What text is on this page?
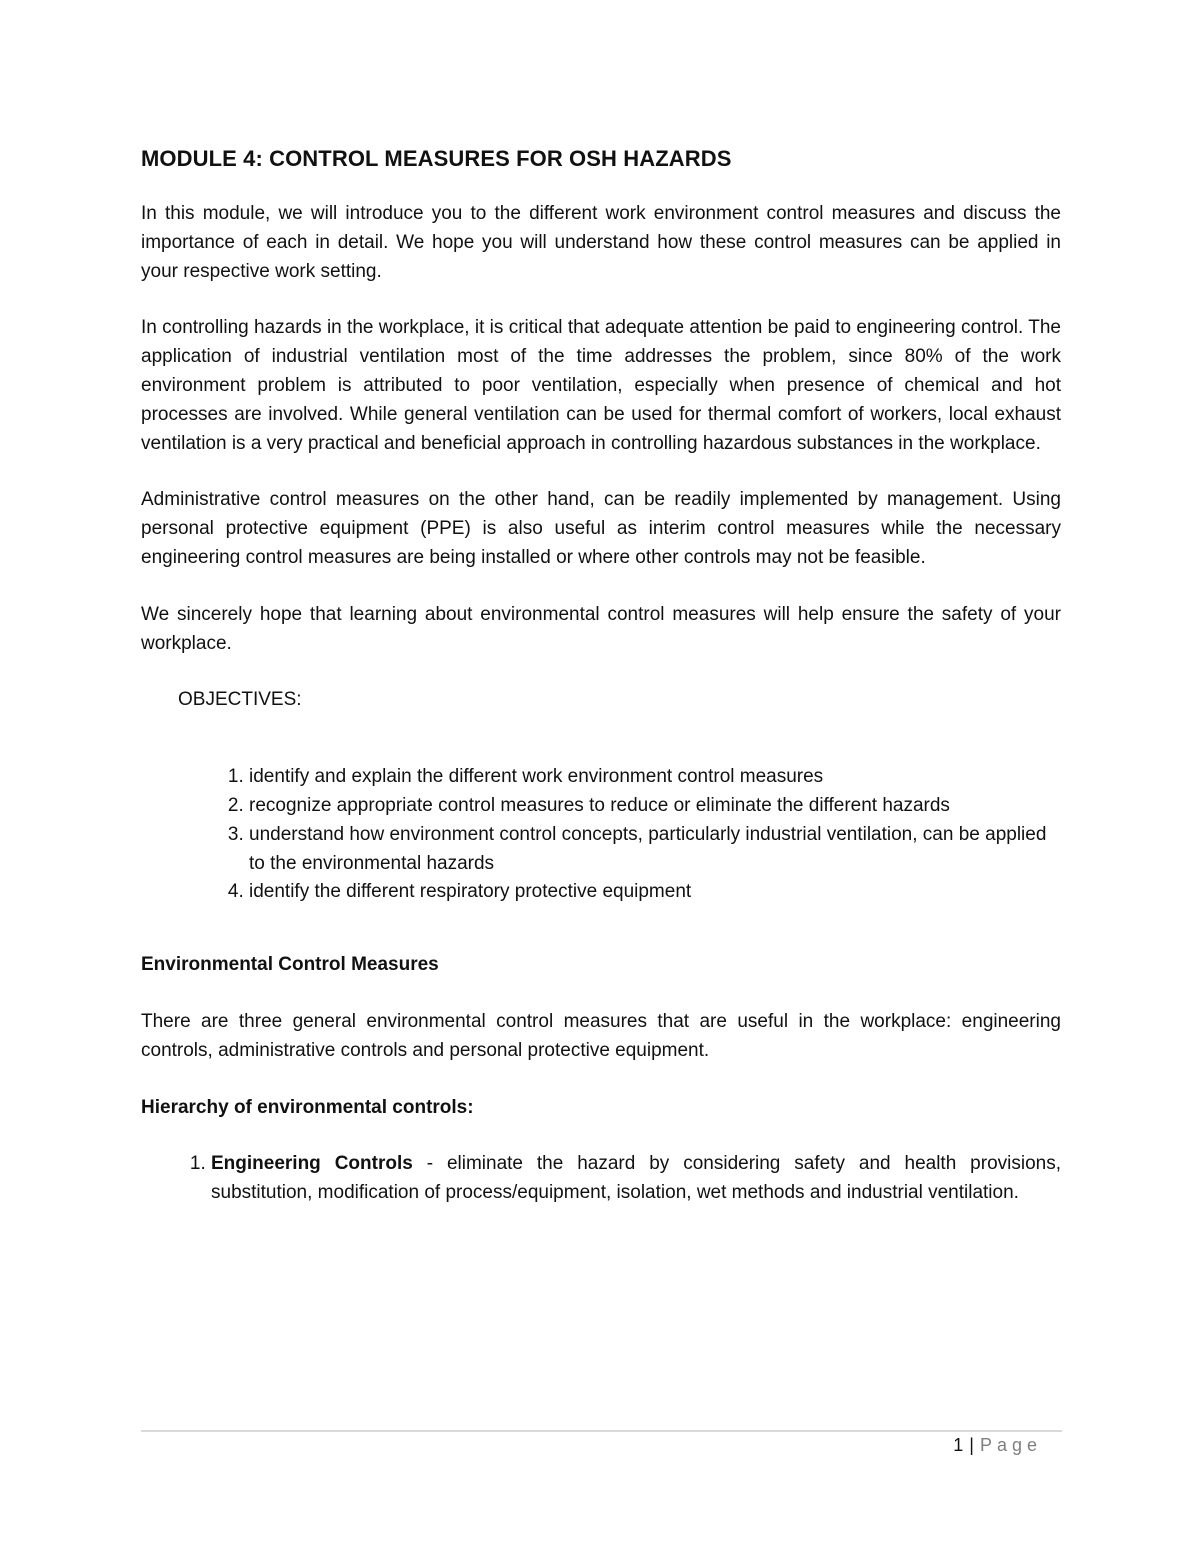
MODULE 4: CONTROL MEASURES FOR OSH HAZARDS

In this module, we will introduce you to the different work environment control measures and discuss the importance of each in detail. We hope you will understand how these control measures can be applied in your respective work setting.

In controlling hazards in the workplace, it is critical that adequate attention be paid to engineering control. The application of industrial ventilation most of the time addresses the problem, since 80% of the work environment problem is attributed to poor ventilation, especially when presence of chemical and hot processes are involved. While general ventilation can be used for thermal comfort of workers, local exhaust ventilation is a very practical and beneficial approach in controlling hazardous substances in the workplace.

Administrative control measures on the other hand, can be readily implemented by management. Using personal protective equipment (PPE) is also useful as interim control measures while the necessary engineering control measures are being installed or where other controls may not be feasible.

We sincerely hope that learning about environmental control measures will help ensure the safety of your workplace.

OBJECTIVES:
1. identify and explain the different work environment control measures
2. recognize appropriate control measures to reduce or eliminate the different hazards
3. understand how environment control concepts, particularly industrial ventilation, can be applied to the environmental hazards
4. identify the different respiratory protective equipment
Environmental Control Measures

There are three general environmental control measures that are useful in the workplace: engineering controls, administrative controls and personal protective equipment.

Hierarchy of environmental controls:
1. Engineering Controls - eliminate the hazard by considering safety and health provisions, substitution, modification of process/equipment, isolation, wet methods and industrial ventilation.
1 | Page
